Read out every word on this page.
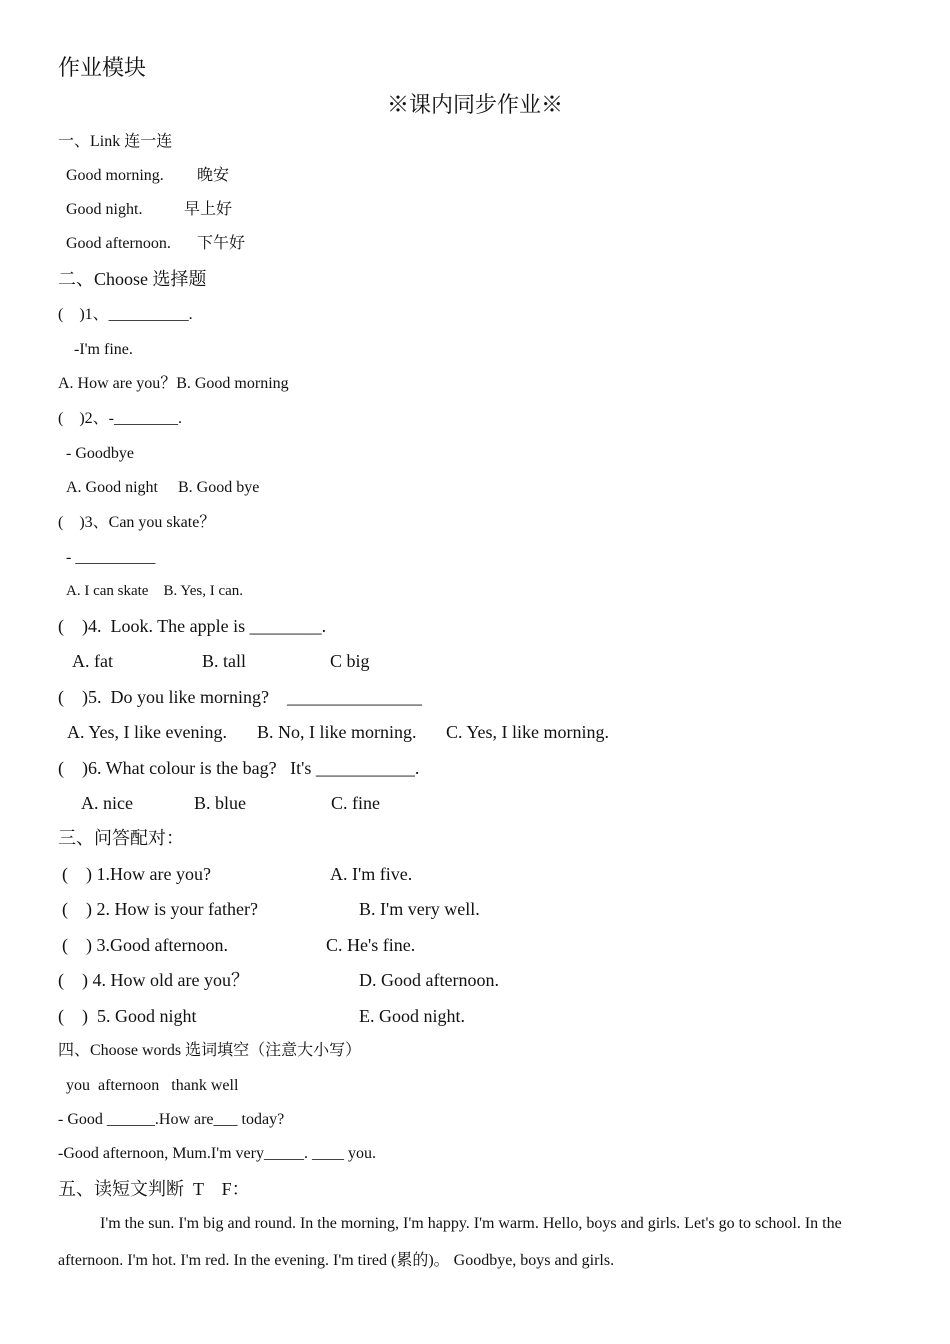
作业模块
※课内同步作业※
一、Link 连一连
Good morning. 晚安
Good night.	早上好
Good afternoon. 下午好
二、Choose 选择题
(    )1、__________.
-I'm fine.
A. How are you？B. Good morning
(    )2、-________.
- Goodbye
A. Good night     B. Good bye
(    )3、Can you skate？
- __________
A. I can skate    B. Yes, I can.
(    )4.  Look. The apple is ________.
A. fat	B. tall	C big
(    )5.  Do you like morning?    _______________
A. Yes, I like evening. B. No, I like morning. C. Yes, I like morning.
(    )6. What colour is the bag?   It's ___________.
A. nice	B. blue	C. fine
三、问答配对：
(    ) 1.How are you?	A. I'm five.
(    ) 2. How is your father?	B. I'm very well.
(    ) 3.Good afternoon.	C. He's fine.
(    ) 4. How old are you？	D. Good afternoon.
(    )  5. Good night	E. Good night.
四、Choose words 选词填空（注意大小写）
you  afternoon   thank well
- Good ______.How are___ today?
-Good afternoon, Mum.I'm very_____. ____ you.
五、读短文判断  T    F：
I'm the sun. I'm big and round. In the morning, I'm happy. I'm warm. Hello, boys and girls. Let's go to school. In the afternoon. I'm hot. I'm red. In the evening. I'm tired (累的)。 Goodbye, boys and girls.
